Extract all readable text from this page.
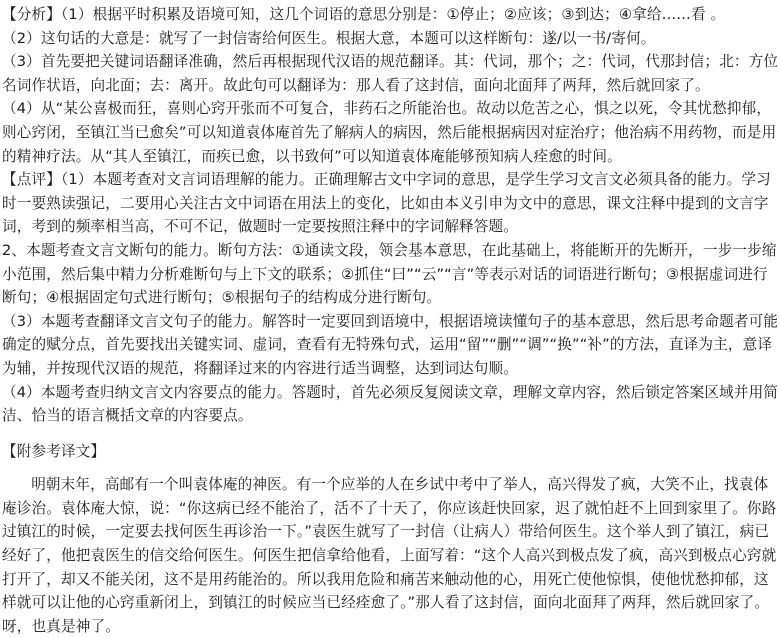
【分析】（1）根据平时积累及语境可知，这几个词语的意思分别是：①停止；②应该；③到达；④拿给……看 。

（2）这句话的大意是：就写了一封信寄给何医生。根据大意，本题可以这样断句：遂/以一书/寄何。

（3）首先要把关键词语翻译准确，然后再根据现代汉语的规范翻译。其：代词，那个；之：代词，代那封信；北：方位名词作状语，向北面；去：离开。故此句可以翻译为：那人看了这封信，面向北面拜了两拜，然后就回家了。

（4）从“某公喜极而狂，喜则心窍开张而不可复合，非药石之所能治也。故动以危苦之心，惧之以死，令其忧愁抑郁，则心窍闭，至镇江当已愈矣”可以知道袁体庵首先了解病人的病因，然后能根据病因对症治疗；他治病不用药物，而是用的精神疗法。从“其人至镇江，而疾已愈，以书致何”可以知道袁体庵能够预知病人痊愈的时间。

【点评】（1）本题考查对文言词语理解的能力。正确理解古文中字词的意思，是学生学习文言文必须具备的能力。学习时一要熟读强记，二要用心关注古文中词语在用法上的变化，比如由本义引申为文中的意思，课文注释中提到的文言字词，考到的频率相当高，不可不记，做题时一定要按照注释中的字词解释答题。

2、本题考查文言文断句的能力。断句方法：①通读文段，领会基本意思，在此基础上，将能断开的先断开，一步一步缩小范围，然后集中精力分析难断句与上下文的联系；②抓住“曰”“云”“言”等表示对话的词语进行断句；③根据虚词进行断句；④根据固定句式进行断句；⑤根据句子的结构成分进行断句。

（3）本题考查翻译文言文句子的能力。解答时一定要回到语境中，根据语境读懂句子的基本意思，然后思考命题者可能确定的赋分点，首先要找出关键实词、虚词，查看有无特殊句式，运用“留”“删”“调”“换”“补”的方法，直译为主，意译为辅，并按现代汉语的规范，将翻译过来的内容进行适当调整，达到词达句顺。

（4）本题考查归纳文言文内容要点的能力。答题时，首先必须反复阅读文章，理解文章内容，然后锁定答案区域并用简洁、恰当的语言概括文章的内容要点。

【附参考译文】

明朝末年，高邮有一个叫袁体庵的神医。有一个应举的人在乡试中考中了举人，高兴得发了疯，大笑不止，找袁体庵诊治。袁体庵大惊，说：“你这病已经不能治了，活不了十天了，你应该赶快回家，迟了就怕赶不上回到家里了。你路过镇江的时候，一定要去找何医生再诊治一下。”袁医生就写了一封信（让病人）带给何医生。这个举人到了镇江，病已经好了，他把袁医生的信交给何医生。何医生把信拿给他看，上面写着：“这个人高兴到极点发了疯，高兴到极点心窍就打开了，却又不能关闭，这不是用药能治的。所以我用危险和痛苦来触动他的心，用死亡使他惊惧，使他忧愁抑郁，这样就可以让他的心窍重新闭上，到镇江的时候应当已经痊愈了。”那人看了这封信，面向北面拜了两拜，然后就回家了。呀，也真是神了。
